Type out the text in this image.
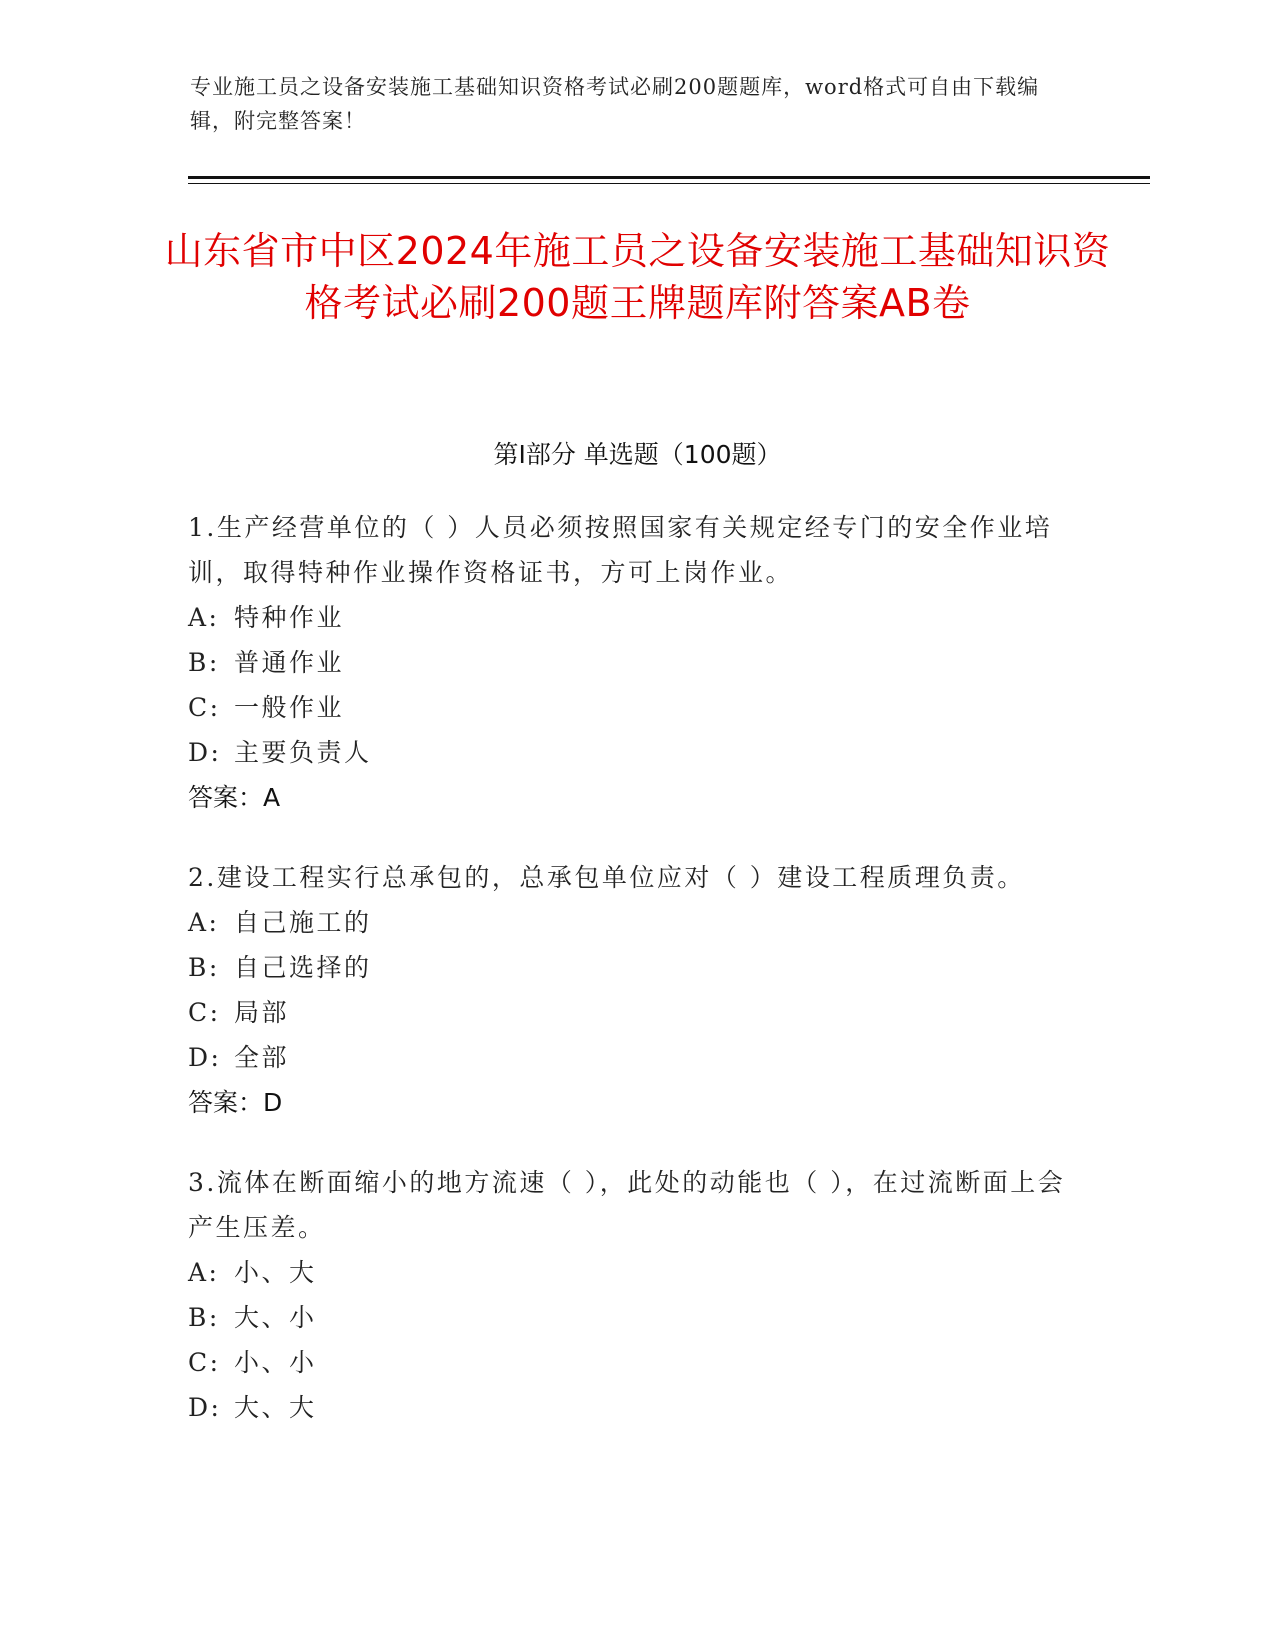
专业施工员之设备安装施工基础知识资格考试必刷200题题库，word格式可自由下载编辑，附完整答案！
山东省市中区2024年施工员之设备安装施工基础知识资格考试必刷200题王牌题库附答案AB卷
第I部分 单选题（100题）
1.生产经营单位的（ ）人员必须按照国家有关规定经专门的安全作业培训，取得特种作业操作资格证书，方可上岗作业。
A: 特种作业
B: 普通作业
C: 一般作业
D: 主要负责人
答案：A
2.建设工程实行总承包的，总承包单位应对（ ）建设工程质理负责。
A: 自己施工的
B: 自己选择的
C: 局部
D: 全部
答案：D
3.流体在断面缩小的地方流速（ ），此处的动能也（ ），在过流断面上会产生压差。
A: 小、大
B: 大、小
C: 小、小
D: 大、大
